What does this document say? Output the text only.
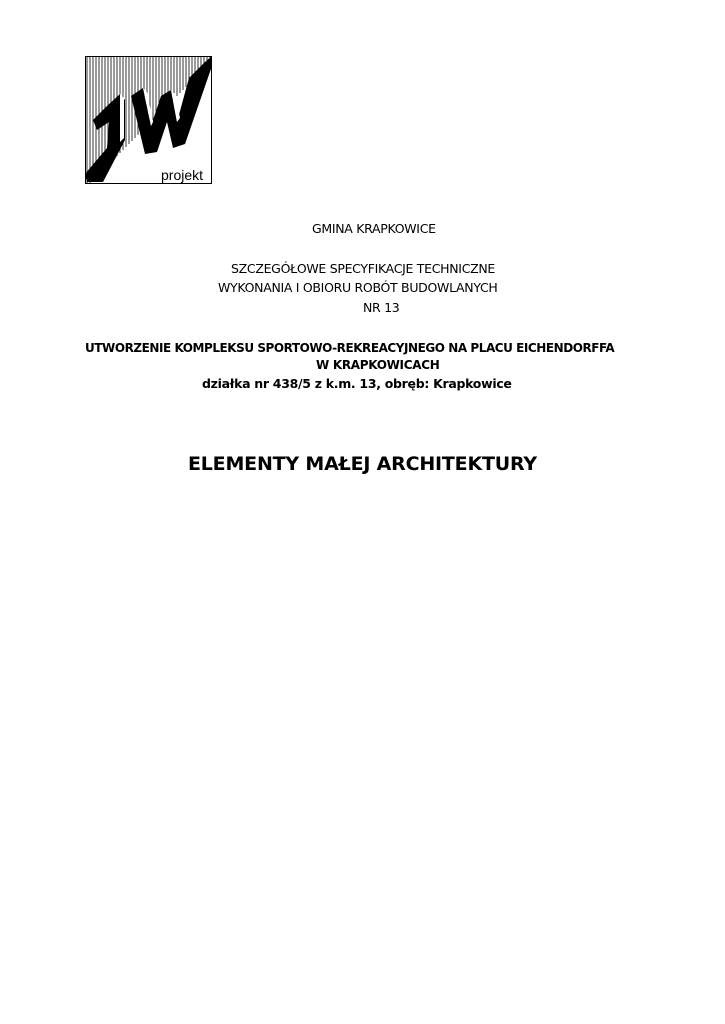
projekt
GMINA KRAPKOWICE
SZCZEGÓŁOWE SPECYFIKACJE TECHNICZNE
WYKONANIA I OBIORU ROBÓT BUDOWLANYCH
NR 13
UTWORZENIE KOMPLEKSU SPORTOWO-REKREACYJNEGO NA PLACU EICHENDORFFA
W KRAPKOWICACH
działka nr 438/5 z k.m. 13, obręb: Krapkowice
ELEMENTY MAŁEJ ARCHITEKTURY
